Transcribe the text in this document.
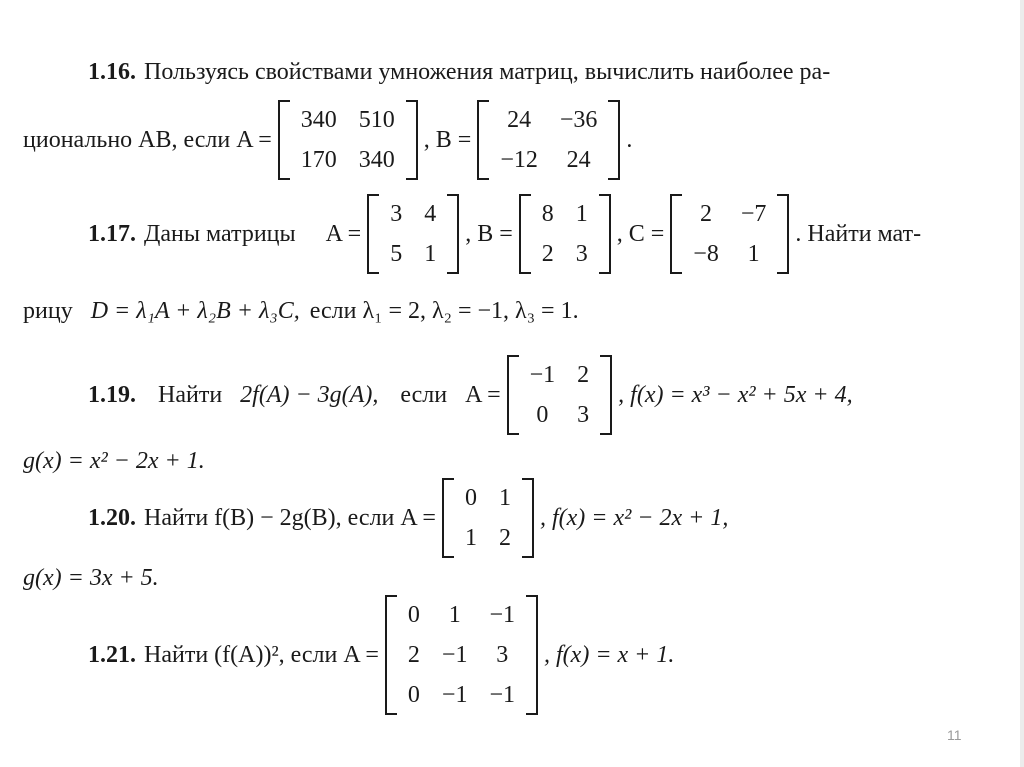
1.16. Пользуясь свойствами умножения матриц, вычислить наиболее ра-
ционально AB, если A =
340	510
170	340
, B =
24	−36
−12	24
.
1.17. Даны матрицы A =
3	4
5	1
, B =
8	1
2	3
, C =
2	−7
−8	1
. Найти мат-
рицу D = λ₁A + λ₂B + λ₃C, если λ₁ = 2, λ₂ = −1, λ₃ = 1.
1.19. Найти 2f(A) − 3g(A), если A =
−1	2
0	3
, f(x) = x³ − x² + 5x + 4,
g(x) = x² − 2x + 1.
1.20. Найти f(B) − 2g(B), если A =
0	1
1	2
, f(x) = x² − 2x + 1,
g(x) = 3x + 5.
1.21. Найти (f(A))², если A =
0	1	−1
2	−1	3
0	−1	−1
, f(x) = x + 1.
11
